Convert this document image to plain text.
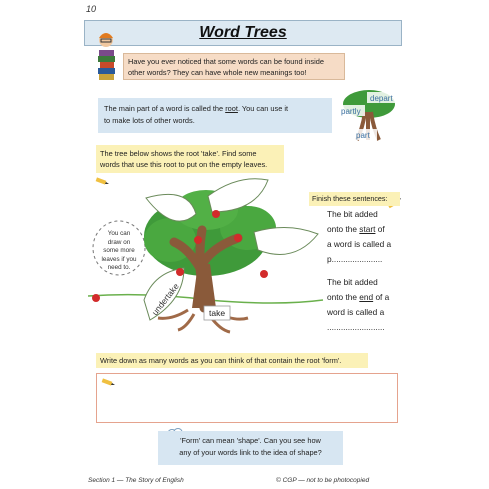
10
Word Trees
Have you ever noticed that some words can be found inside
other words? They can have whole new meanings too!
The main part of a word is called the root. You can use it
to make lots of other words.
depart
partly
part
The tree below shows the root 'take'. Find some
words that use this root to put on the empty leaves.
You can
draw on
some more
leaves if you
need to.
undertake	take
Finish these sentences:
The bit added
onto the start of
a word is called a
p......................
The bit added
onto the end of a
word is called a
.........................
Write down as many words as you can think of that contain the root 'form'.
'Form' can mean 'shape'. Can you see how
any of your words link to the idea of shape?
Section 1 — The Story of English	© CGP — not to be photocopied
